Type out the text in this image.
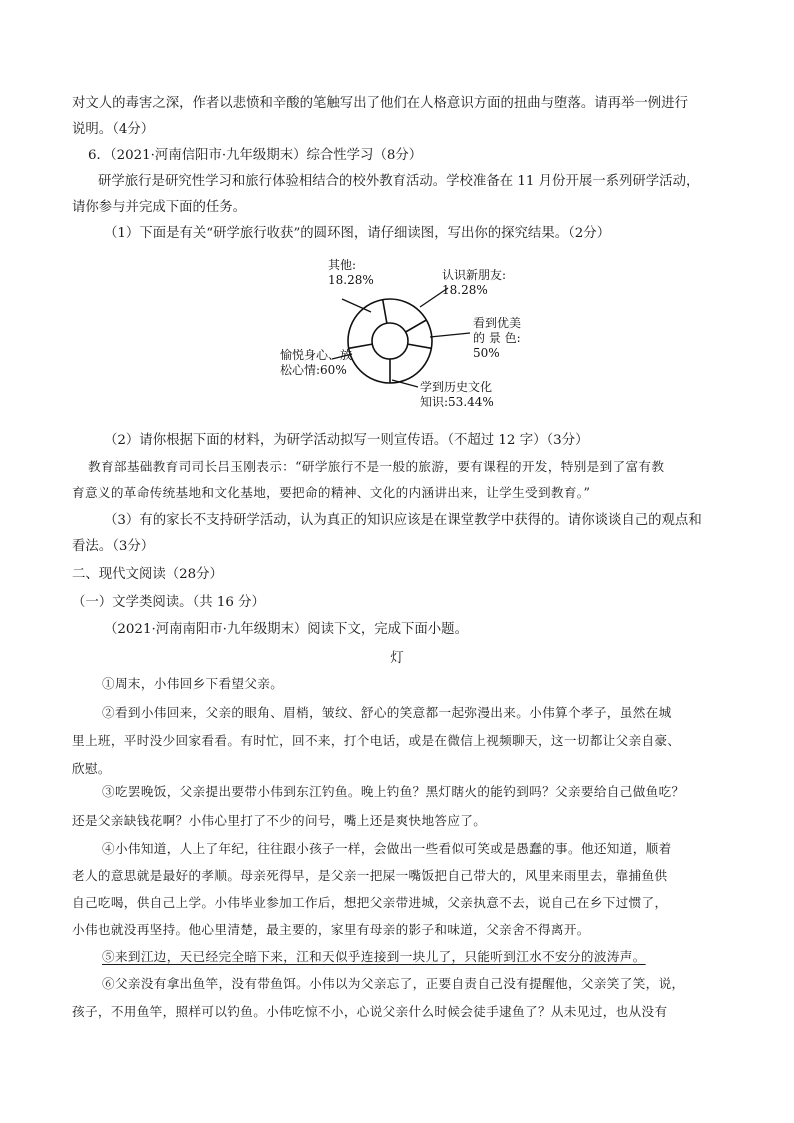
对文人的毒害之深，作者以悲愤和辛酸的笔触写出了他们在人格意识方面的扭曲与堕落。请再举一例进行
说明。（4分）
6．（2021·河南信阳市·九年级期末）综合性学习（8分）
研学旅行是研究性学习和旅行体验相结合的校外教育活动。学校准备在 11 月份开展一系列研学活动，
请你参与并完成下面的任务。
（1）下面是有关“研学旅行收获”的圆环图，请仔细读图，写出你的探究结果。（2分）
其他: 18.28%	认识新朋友: 18.28%
看到优美的 景 色: 50%
学到历史文化知识:53.44%
愉悦身心、放松心情:60%
（2）请你根据下面的材料，为研学活动拟写一则宣传语。（不超过 12 字）（3分）
教育部基础教育司司长吕玉刚表示：“研学旅行不是一般的旅游，要有课程的开发，特别是到了富有教
育意义的革命传统基地和文化基地，要把命的精神、文化的内涵讲出来，让学生受到教育。”
（3）有的家长不支持研学活动，认为真正的知识应该是在课堂教学中获得的。请你谈谈自己的观点和
看法。（3分）
二、现代文阅读（28分）
（一）文学类阅读。（共 16 分）
（2021·河南南阳市·九年级期末）阅读下文，完成下面小题。
灯
①周末，小伟回乡下看望父亲。
②看到小伟回来，父亲的眼角、眉梢，皱纹、舒心的笑意都一起弥漫出来。小伟算个孝子，虽然在城
里上班，平时没少回家看看。有时忙，回不来，打个电话，或是在微信上视频聊天，这一切都让父亲自豪、
欣慰。
③吃罢晚饭，父亲提出要带小伟到东江钓鱼。晚上钓鱼？黑灯瞎火的能钓到吗？父亲要给自己做鱼吃？
还是父亲缺钱花啊？小伟心里打了不少的问号，嘴上还是爽快地答应了。
④小伟知道，人上了年纪，往往跟小孩子一样，会做出一些看似可笑或是愚蠢的事。他还知道，顺着
老人的意思就是最好的孝顺。母亲死得早，是父亲一把屎一嘴饭把自己带大的，风里来雨里去，靠捕鱼供
自己吃喝，供自己上学。小伟毕业参加工作后，想把父亲带进城，父亲执意不去，说自己在乡下过惯了，
小伟也就没再坚持。他心里清楚，最主要的，家里有母亲的影子和味道，父亲舍不得离开。
⑤来到江边，天已经完全暗下来，江和天似乎连接到一块儿了，只能听到江水不安分的波涛声。
⑥父亲没有拿出鱼竿，没有带鱼饵。小伟以为父亲忘了，正要自责自己没有提醒他，父亲笑了笑，说，
孩子，不用鱼竿，照样可以钓鱼。小伟吃惊不小，心说父亲什么时候会徒手逮鱼了？从未见过，也从没有
